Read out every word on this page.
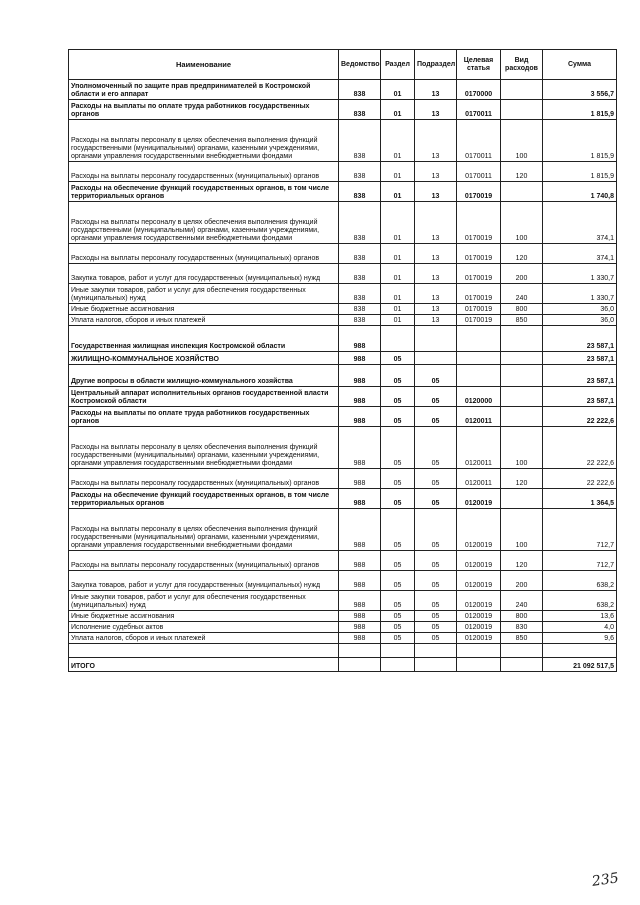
Наименование	Ведомство	Раздел	Подраздел	Целевая статья	Вид расходов	Сумма
Уполномоченный по защите прав предпринимателей в Костромской области и его аппарат	838	01	13	0170000		3 556,7
Расходы на выплаты по оплате труда работников государственных органов	838	01	13	0170011		1 815,9
Расходы на выплаты персоналу в целях обеспечения выполнения функций государственными (муниципальными) органами, казенными учреждениями, органами управления государственными внебюджетными фондами	838	01	13	0170011	100	1 815,9
Расходы на выплаты персоналу государственных (муниципальных) органов	838	01	13	0170011	120	1 815,9
Расходы на обеспечение функций государственных органов, в том числе территориальных органов	838	01	13	0170019		1 740,8
Расходы на выплаты персоналу в целях обеспечения выполнения функций государственными (муниципальными) органами, казенными учреждениями, органами управления государственными внебюджетными фондами	838	01	13	0170019	100	374,1
Расходы на выплаты персоналу государственных (муниципальных) органов	838	01	13	0170019	120	374,1
Закупка товаров, работ и услуг для государственных (муниципальных) нужд	838	01	13	0170019	200	1 330,7
Иные закупки товаров, работ и услуг для обеспечения государственных (муниципальных) нужд	838	01	13	0170019	240	1 330,7
Иные бюджетные ассигнования	838	01	13	0170019	800	36,0
Уплата налогов, сборов и иных платежей	838	01	13	0170019	850	36,0
Государственная жилищная инспекция Костромской области	988					23 587,1
ЖИЛИЩНО-КОММУНАЛЬНОЕ ХОЗЯЙСТВО	988	05				23 587,1
Другие вопросы в области жилищно-коммунального хозяйства	988	05	05			23 587,1
Центральный аппарат исполнительных органов государственной власти Костромской области	988	05	05	0120000		23 587,1
Расходы на выплаты по оплате труда работников государственных органов	988	05	05	0120011		22 222,6
Расходы на выплаты персоналу в целях обеспечения выполнения функций государственными (муниципальными) органами, казенными учреждениями, органами управления государственными внебюджетными фондами	988	05	05	0120011	100	22 222,6
Расходы на выплаты персоналу государственных (муниципальных) органов	988	05	05	0120011	120	22 222,6
Расходы на обеспечение функций государственных органов, в том числе территориальных органов	988	05	05	0120019		1 364,5
Расходы на выплаты персоналу в целях обеспечения выполнения функций государственными (муниципальными) органами, казенными учреждениями, органами управления государственными внебюджетными фондами	988	05	05	0120019	100	712,7
Расходы на выплаты персоналу государственных (муниципальных) органов	988	05	05	0120019	120	712,7
Закупка товаров, работ и услуг для государственных (муниципальных) нужд	988	05	05	0120019	200	638,2
Иные закупки товаров, работ и услуг для обеспечения государственных (муниципальных) нужд	988	05	05	0120019	240	638,2
Иные бюджетные ассигнования	988	05	05	0120019	800	13,6
Исполнение судебных актов	988	05	05	0120019	830	4,0
Уплата налогов, сборов и иных платежей	988	05	05	0120019	850	9,6

ИТОГО						21 092 517,5
235
